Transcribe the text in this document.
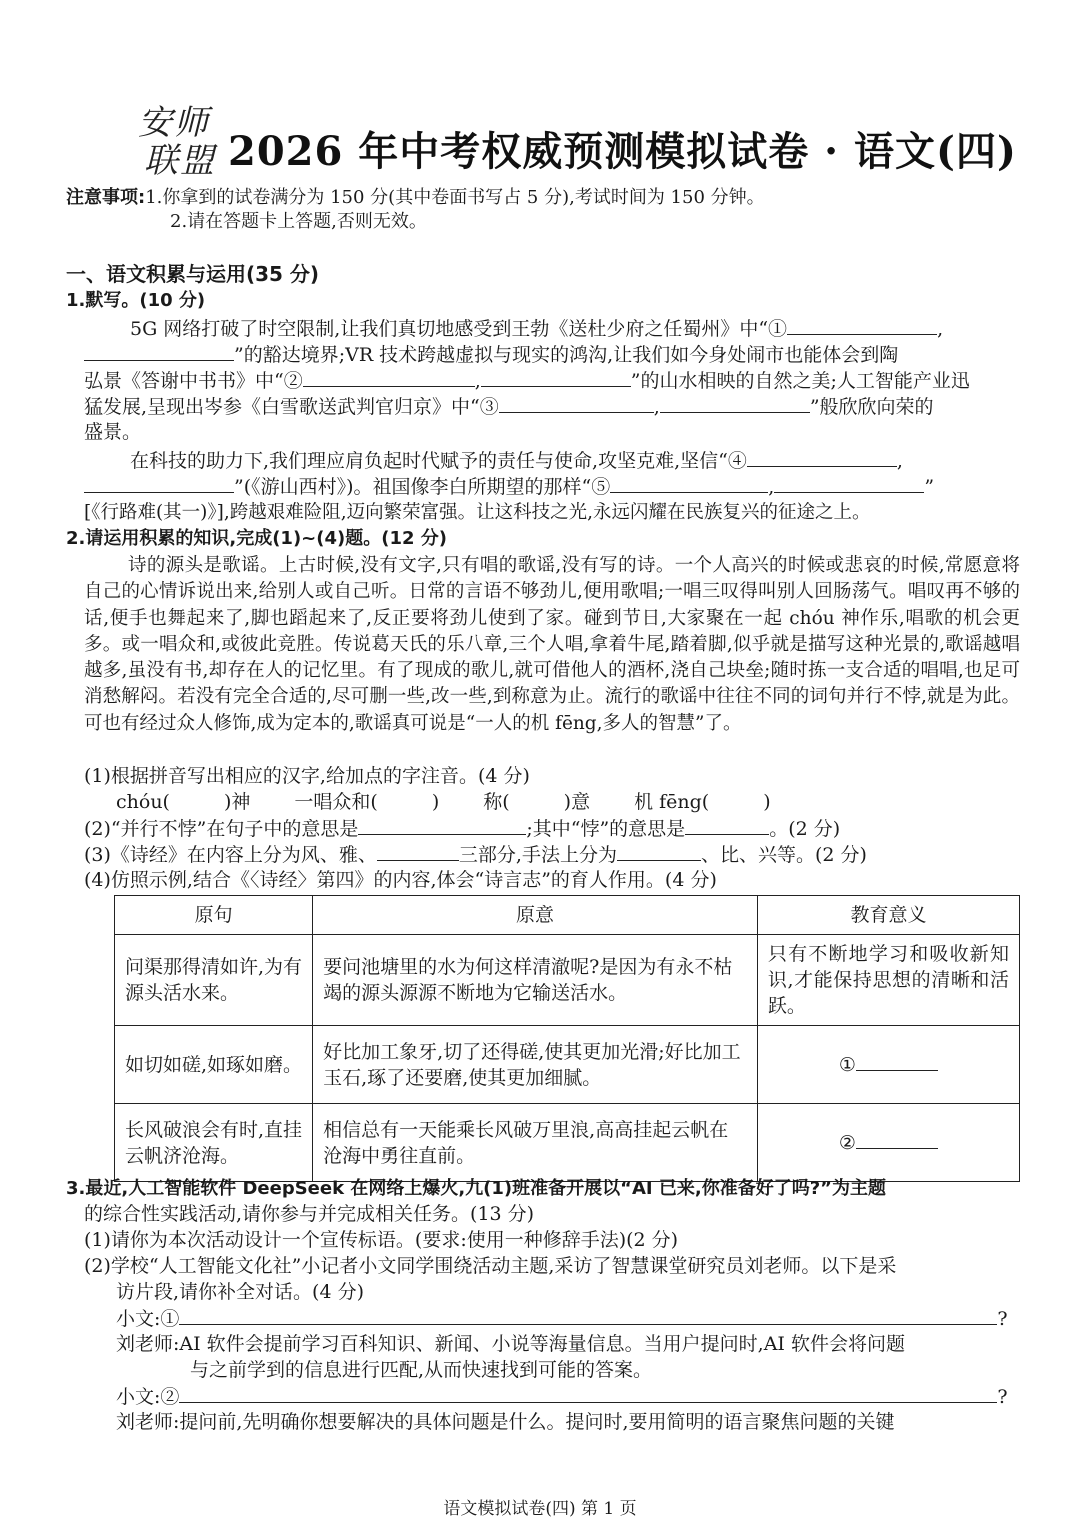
安师
联盟 2026 年中考权威预测模拟试卷 · 语文(四)
注意事项:1.你拿到的试卷满分为 150 分(其中卷面书写占 5 分),考试时间为 150 分钟。
2.请在答题卡上答题,否则无效。
一、语文积累与运用(35 分)
1.默写。(10 分)
5G 网络打破了时空限制,让我们真切地感受到王勃《送杜少府之任蜀州》中“①	,
”的豁达境界;VR 技术跨越虚拟与现实的鸿沟,让我们如今身处闹市也能体会到陶
弘景《答谢中书书》中“②	,	”的山水相映的自然之美;人工智能产业迅
猛发展,呈现出岑参《白雪歌送武判官归京》中“③	,	”般欣欣向荣的
盛景。
在科技的助力下,我们理应肩负起时代赋予的责任与使命,攻坚克难,坚信“④	,
”(《游山西村》)。祖国像李白所期望的那样“⑤	,	”
[《行路难(其一)》],跨越艰难险阻,迈向繁荣富强。让这科技之光,永远闪耀在民族复兴的征途之上。
2.请运用积累的知识,完成(1)~(4)题。(12 分)
诗的源头是歌谣。上古时候,没有文字,只有唱的歌谣,没有写的诗。一个人高兴的时候或悲哀的时候,常愿意将自己的心情诉说出来,给别人或自己听。日常的言语不够劲儿,便用歌唱;一唱三叹得叫别人回肠荡气。唱叹再不够的话,便手也舞起来了,脚也蹈起来了,反正要将劲儿使到了家。碰到节日,大家聚在一起 chóu 神作乐,唱歌的机会更多。或一唱众和,或彼此竞胜。传说葛天氏的乐八章,三个人唱,拿着牛尾,踏着脚,似乎就是描写这种光景的,歌谣越唱越多,虽没有书,却存在人的记忆里。有了现成的歌儿,就可借他人的酒杯,浇自己块垒;随时拣一支合适的唱唱,也足可消愁解闷。若没有完全合适的,尽可删一些,改一些,到称意为止。流行的歌谣中往往不同的词句并行不悖,就是为此。可也有经过众人修饰,成为定本的,歌谣真可说是“一人的机 fēng,多人的智慧”了。
(1)根据拼音写出相应的汉字,给加点的字注音。(4 分)
chóu(	)神 一唱众和(	) 称(	)意 机 fēng(	)
(2)“并行不悖”在句子中的意思是	;其中“悖”的意思是	。(2 分)
(3)《诗经》在内容上分为风、雅、	三部分,手法上分为	、比、兴等。(2 分)
(4)仿照示例,结合《〈诗经〉第四》的内容,体会“诗言志”的育人作用。(4 分)
原句	原意	教育意义
问渠那得清如许,为有源头活水来。	要问池塘里的水为何这样清澈呢?是因为有永不枯竭的源头源源不断地为它输送活水。	只有不断地学习和吸收新知识,才能保持思想的清晰和活跃。
如切如磋,如琢如磨。	好比加工象牙,切了还得磋,使其更加光滑;好比加工玉石,琢了还要磨,使其更加细腻。	①
长风破浪会有时,直挂云帆济沧海。	相信总有一天能乘长风破万里浪,高高挂起云帆在沧海中勇往直前。	②
3.最近,人工智能软件 DeepSeek 在网络上爆火,九(1)班准备开展以“AI 已来,你准备好了吗?”为主题
的综合性实践活动,请你参与并完成相关任务。(13 分)
(1)请你为本次活动设计一个宣传标语。(要求:使用一种修辞手法)(2 分)
(2)学校“人工智能文化社”小记者小文同学围绕活动主题,采访了智慧课堂研究员刘老师。以下是采
访片段,请你补全对话。(4 分)
小文:①	?
刘老师:AI 软件会提前学习百科知识、新闻、小说等海量信息。当用户提问时,AI 软件会将问题
与之前学到的信息进行匹配,从而快速找到可能的答案。
小文:②	?
刘老师:提问前,先明确你想要解决的具体问题是什么。提问时,要用简明的语言聚焦问题的关键
语文模拟试卷(四) 第 1 页
